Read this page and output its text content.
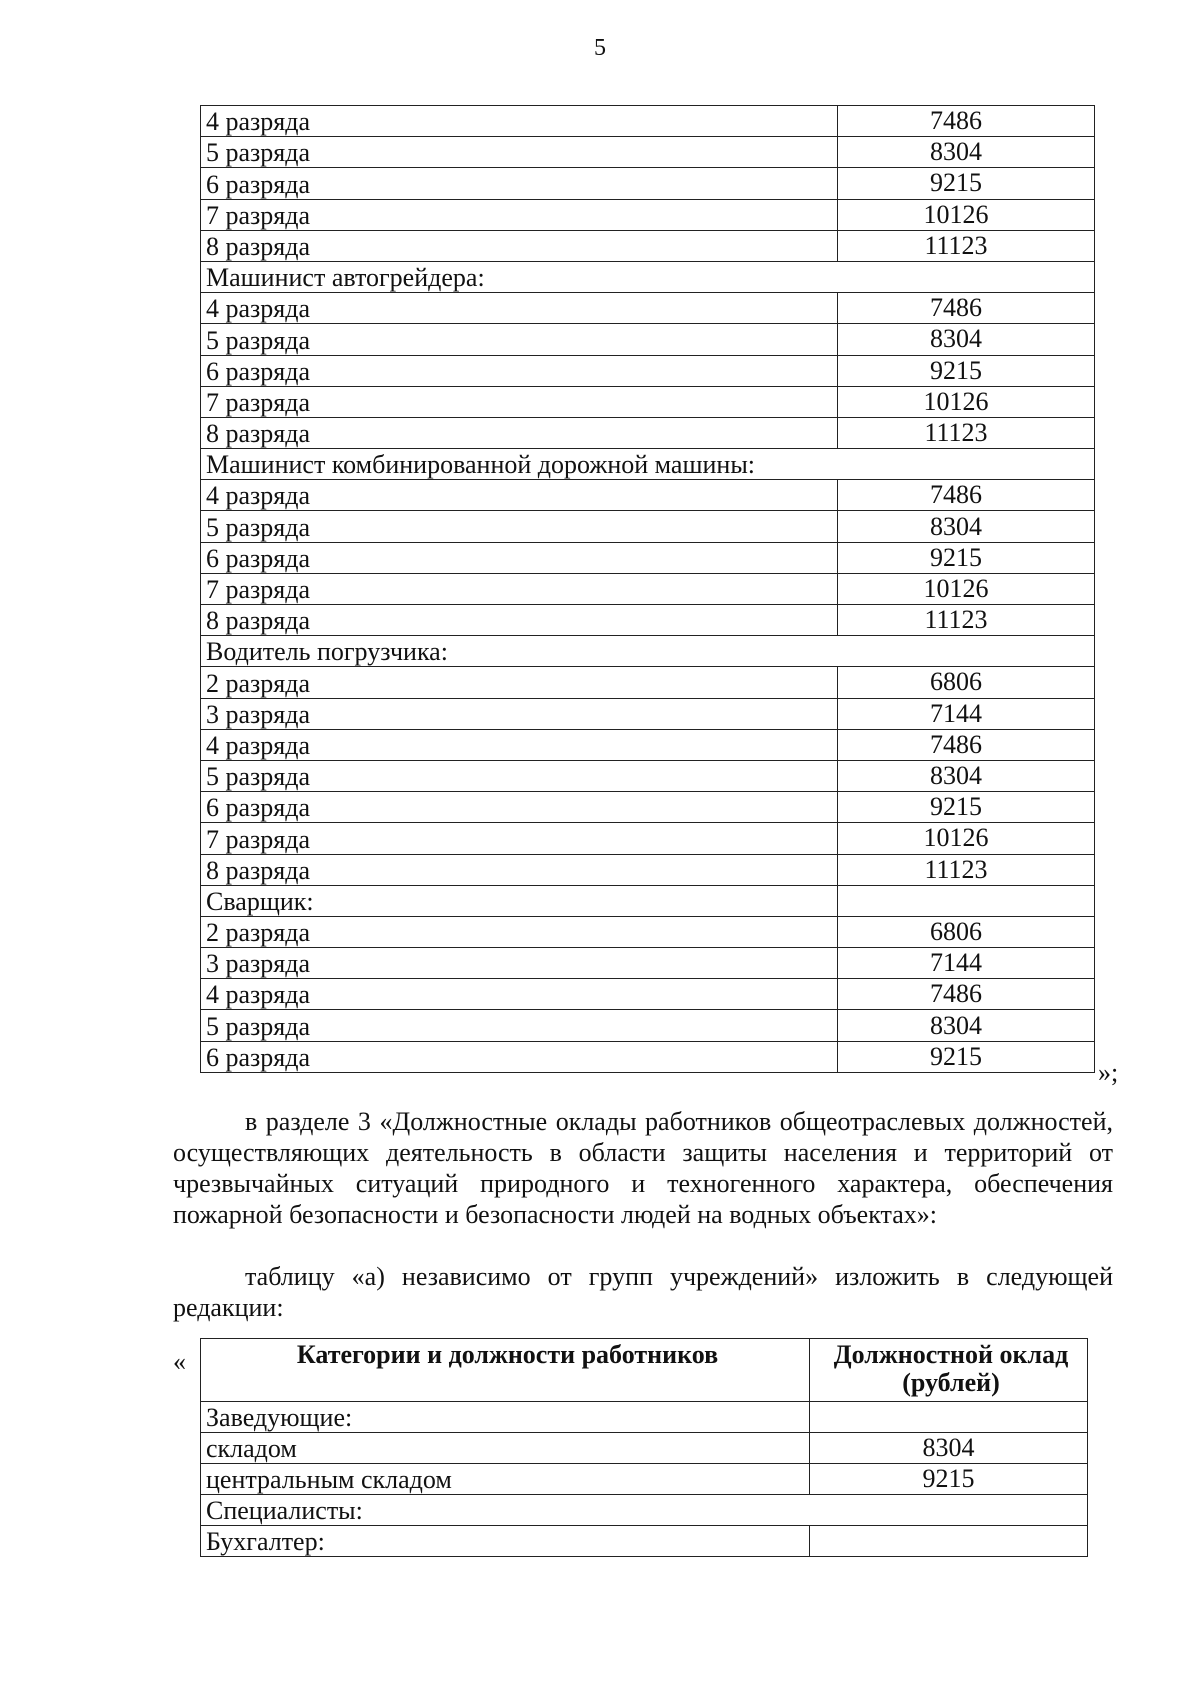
5
4 разряда	7486
5 разряда	8304
6 разряда	9215
7 разряда	10126
8 разряда	11123
Машинист автогрейдера:	
4 разряда	7486
5 разряда	8304
6 разряда	9215
7 разряда	10126
8 разряда	11123
Машинист комбинированной дорожной машины:	
4 разряда	7486
5 разряда	8304
6 разряда	9215
7 разряда	10126
8 разряда	11123
Водитель погрузчика:	
2 разряда	6806
3 разряда	7144
4 разряда	7486
5 разряда	8304
6 разряда	9215
7 разряда	10126
8 разряда	11123
Сварщик:	
2 разряда	6806
3 разряда	7144
4 разряда	7486
5 разряда	8304
6 разряда	9215
»;

в разделе 3 «Должностные оклады работников общеотраслевых должностей, осуществляющих деятельность в области защиты населения и территорий от чрезвычайных ситуаций природного и техногенного характера, обеспечения пожарной безопасности и безопасности людей на водных объектах»:

таблицу «а) независимо от групп учреждений» изложить в следующей редакции:

«	Категории и должности работников	Должностной оклад (рублей)
Заведующие:	
складом	8304
центральным складом	9215
Специалисты:	
Бухгалтер:	
